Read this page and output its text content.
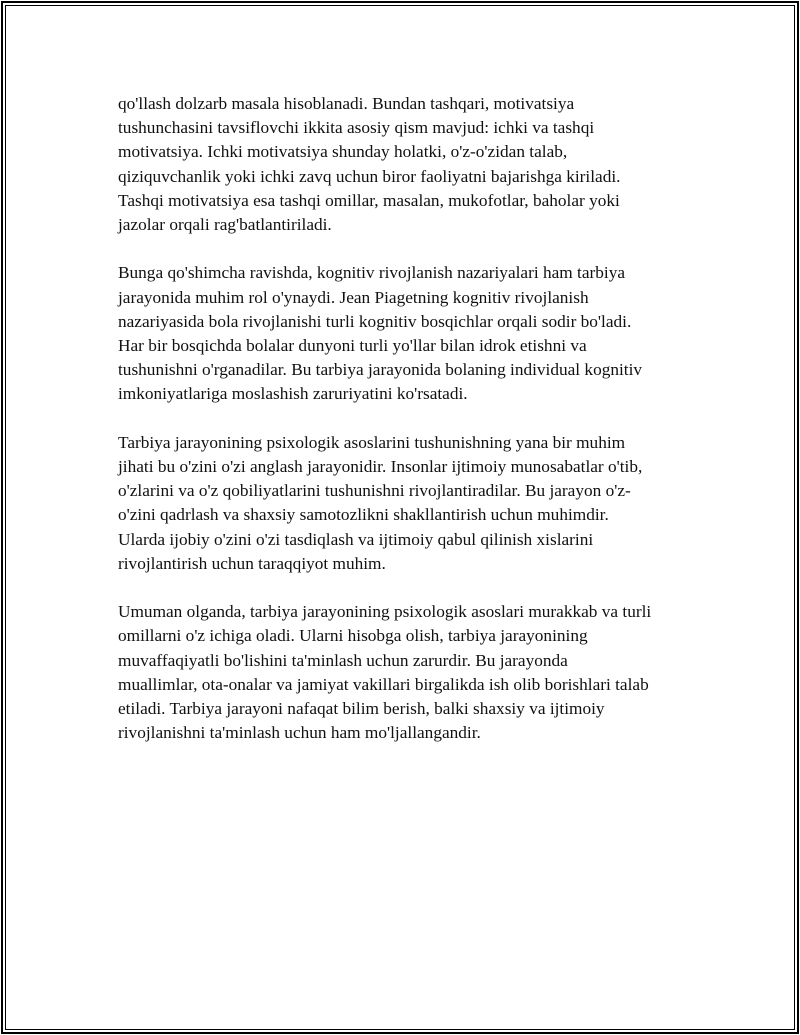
qo'llash dolzarb masala hisoblanadi. Bundan tashqari, motivatsiya
tushunchasini tavsiflovchi ikkita asosiy qism mavjud: ichki va tashqi
motivatsiya. Ichki motivatsiya shunday holatki, o'z-o'zidan talab,
qiziquvchanlik yoki ichki zavq uchun biror faoliyatni bajarishga kiriladi.
Tashqi motivatsiya esa tashqi omillar, masalan, mukofotlar, baholar yoki
jazolar orqali rag'batlantiriladi.

Bunga qo'shimcha ravishda, kognitiv rivojlanish nazariyalari ham tarbiya
jarayonida muhim rol o'ynaydi. Jean Piagetning kognitiv rivojlanish
nazariyasida bola rivojlanishi turli kognitiv bosqichlar orqali sodir bo'ladi.
Har bir bosqichda bolalar dunyoni turli yo'llar bilan idrok etishni va
tushunishni o'rganadilar. Bu tarbiya jarayonida bolaning individual kognitiv
imkoniyatlariga moslashish zaruriyatini ko'rsatadi.

Tarbiya jarayonining psixologik asoslarini tushunishning yana bir muhim
jihati bu o'zini o'zi anglash jarayonidir. Insonlar ijtimoiy munosabatlar o'tib,
o'zlarini va o'z qobiliyatlarini tushunishni rivojlantiradilar. Bu jarayon o'z-
o'zini qadrlash va shaxsiy samotozlikni shakllantirish uchun muhimdir.
Ularda ijobiy o'zini o'zi tasdiqlash va ijtimoiy qabul qilinish xislarini
rivojlantirish uchun taraqqiyot muhim.

Umuman olganda, tarbiya jarayonining psixologik asoslari murakkab va turli
omillarni o'z ichiga oladi. Ularni hisobga olish, tarbiya jarayonining
muvaffaqiyatli bo'lishini ta'minlash uchun zarurdir. Bu jarayonda
muallimlar, ota-onalar va jamiyat vakillari birgalikda ish olib borishlari talab
etiladi. Tarbiya jarayoni nafaqat bilim berish, balki shaxsiy va ijtimoiy
rivojlanishni ta'minlash uchun ham mo'ljallangandir.
